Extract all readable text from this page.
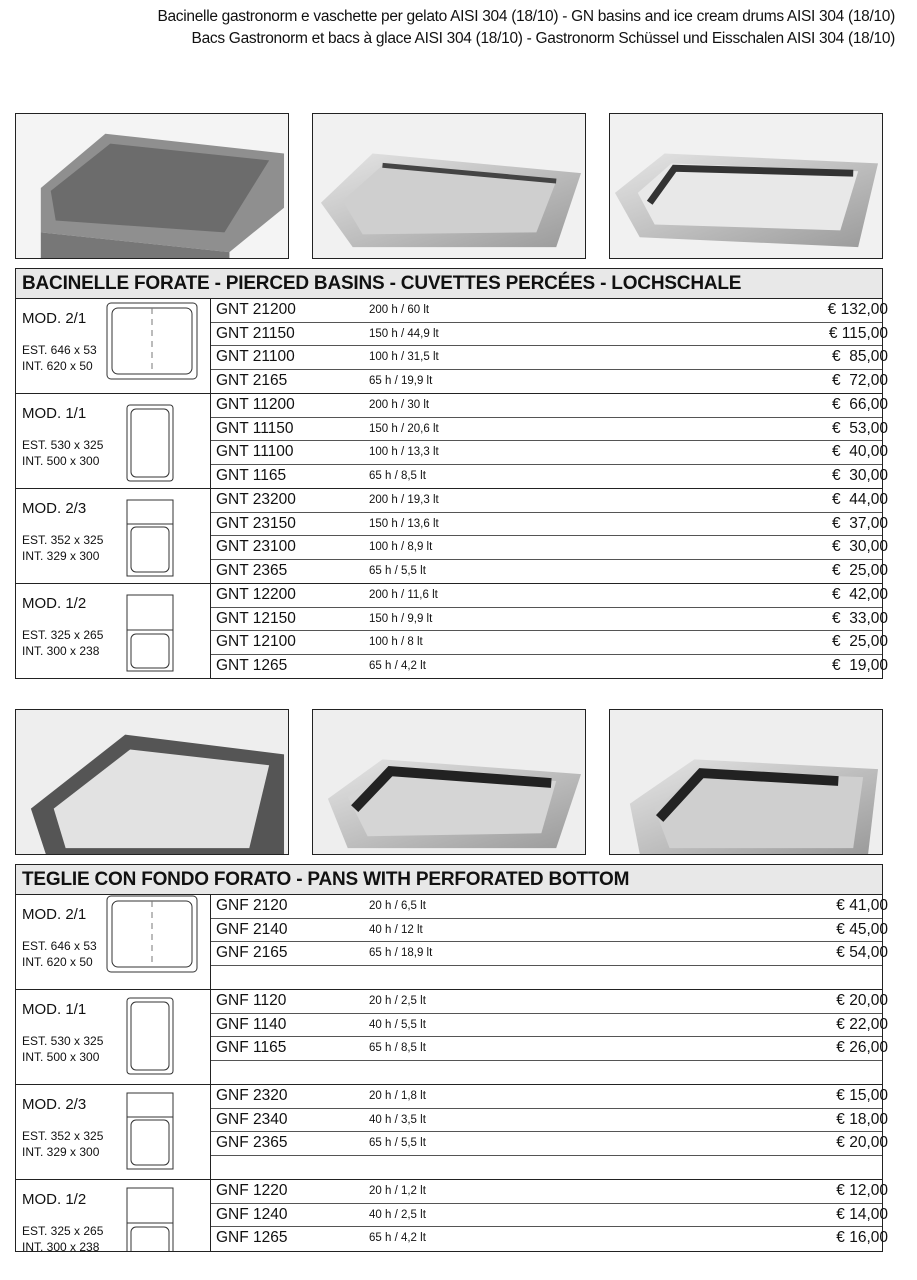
Bacinelle gastronorm e vaschette per gelato AISI 304 (18/10) - GN basins and ice cream drums AISI 304 (18/10)
Bacs Gastronorm et bacs à glace AISI 304 (18/10) - Gastronorm Schüssel und Eisschalen AISI 304 (18/10)
BACINELLE FORATE - PIERCED BASINS - CUVETTES PERCÉES - LOCHSCHALE
MOD. 2/1
EST. 646 x 53
INT. 620 x 50
GNT 21200	200 h / 60 lt	€ 132,00
GNT 21150	150 h / 44,9 lt	€ 115,00
GNT 21100	100 h / 31,5 lt	€  85,00
GNT 2165	65 h / 19,9 lt	€  72,00
MOD. 1/1
EST. 530 x 325
INT. 500 x 300
GNT 11200	200 h / 30 lt	€  66,00
GNT 11150	150 h / 20,6 lt	€  53,00
GNT 11100	100 h / 13,3 lt	€  40,00
GNT 1165	65 h / 8,5 lt	€  30,00
MOD. 2/3
EST. 352 x 325
INT. 329 x 300
GNT 23200	200 h / 19,3 lt	€  44,00
GNT 23150	150 h / 13,6 lt	€  37,00
GNT 23100	100 h / 8,9 lt	€  30,00
GNT 2365	65 h / 5,5 lt	€  25,00
MOD. 1/2
EST. 325 x 265
INT. 300 x 238
GNT 12200	200 h / 11,6 lt	€  42,00
GNT 12150	150 h / 9,9 lt	€  33,00
GNT 12100	100 h / 8 lt	€  25,00
GNT 1265	65 h / 4,2 lt	€  19,00
TEGLIE CON FONDO FORATO - PANS WITH PERFORATED BOTTOM
MOD. 2/1
EST. 646 x 53
INT. 620 x 50
GNF 2120	20 h / 6,5 lt	€ 41,00
GNF 2140	40 h / 12 lt	€ 45,00
GNF 2165	65 h / 18,9 lt	€ 54,00
MOD. 1/1
EST. 530 x 325
INT. 500 x 300
GNF 1120	20 h / 2,5 lt	€ 20,00
GNF 1140	40 h / 5,5 lt	€ 22,00
GNF 1165	65 h / 8,5 lt	€ 26,00
MOD. 2/3
EST. 352 x 325
INT. 329 x 300
GNF 2320	20 h / 1,8 lt	€ 15,00
GNF 2340	40 h / 3,5 lt	€ 18,00
GNF 2365	65 h / 5,5 lt	€ 20,00
MOD. 1/2
EST. 325 x 265
INT. 300 x 238
GNF 1220	20 h / 1,2 lt	€ 12,00
GNF 1240	40 h / 2,5 lt	€ 14,00
GNF 1265	65 h / 4,2 lt	€ 16,00
